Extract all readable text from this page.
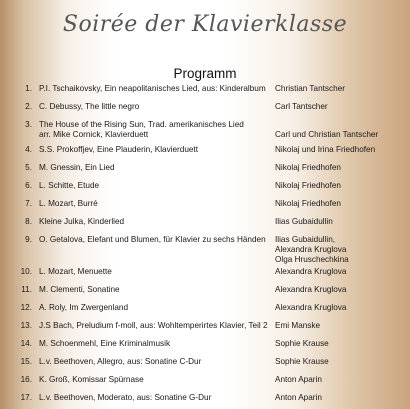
Soirée der Klavierklasse
Programm
1. P.I. Tschaikovsky, Ein neapolitanisches Lied, aus: Kinderalbum	Christian Tantscher
2. C. Debussy, The little negro	Carl Tantscher
3. The House of the Rising Sun, Trad. amerikanisches Lied
arr. Mike Cornick, Klavierduett	Carl und Christian Tantscher
4. S.S. Prokoffjev, Eine Plauderin, Klavierduett	Nikolaj und Irina Friedhofen
5. M. Gnessin, Ein Lied	Nikolaj Friedhofen
6. L. Schitte, Etude	Nikolaj Friedhofen
7. L. Mozart, Burré	Nikolaj Friedhofen
8. Kleine Julka, Kinderlied	Ilias Gubaidullin
9. O. Getalova, Elefant und Blumen, für Klavier zu sechs Händen	Ilias Gubaidullin,
Alexandra Kruglova
Olga Hruschechkina
10. L. Mozart, Menuette	Alexandra Kruglova
11. M. Clementi, Sonatine	Alexandra Kruglova
12. A. Roly, Im Zwergenland	Alexandra Kruglova
13. J.S Bach, Preludium f-moll, aus: Wohltemperirtes Klavier, Teil 2 Emi Manske
14. M. Schoenmehl, Eine Kriminalmusik	Sophie Krause
15. L.v. Beethoven, Allegro, aus: Sonatine C-Dur	Sophie Krause
16. K. Groß, Komissar Spürnase	Anton Aparin
17. L.v. Beethoven, Moderato, aus: Sonatine G-Dur	Anton Aparin
